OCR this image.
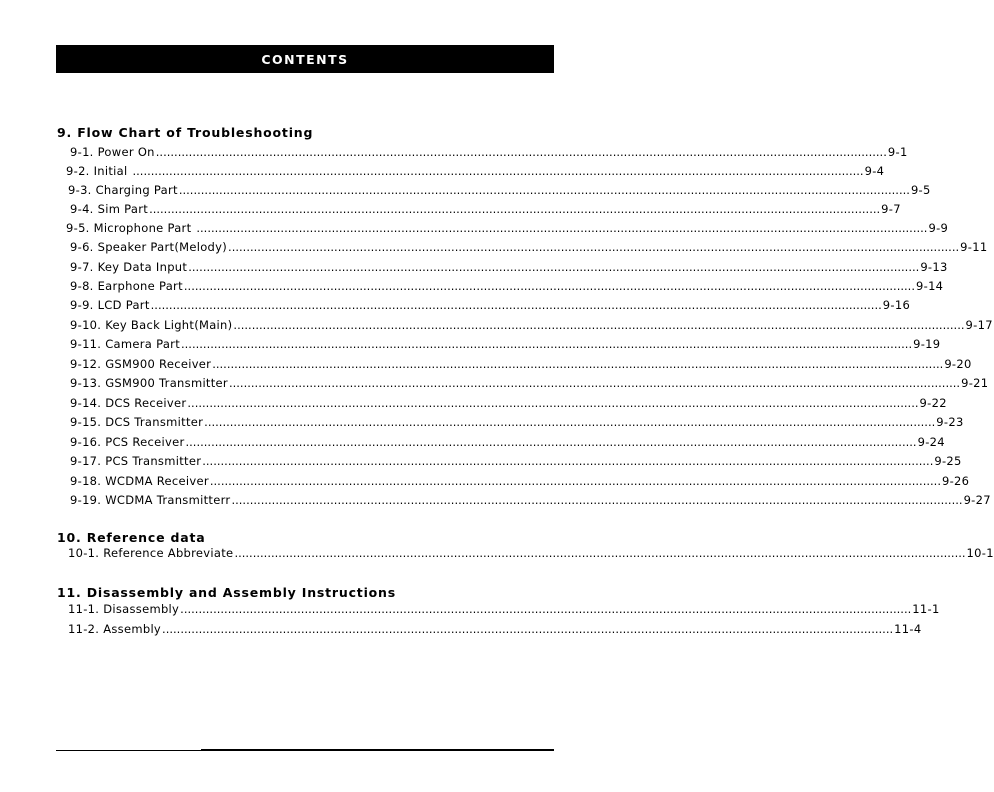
CONTENTS
9. Flow Chart of Troubleshooting
9-1. Power On ........................................................................................................................................................................................................ 9-1
9-2. Initial ........................................................................................................................................................................................................ 9-4
9-3. Charging Part ........................................................................................................................................................................................................ 9-5
9-4. Sim Part ........................................................................................................................................................................................................ 9-7
9-5. Microphone Part ........................................................................................................................................................................................................ 9-9
9-6. Speaker Part(Melody) ........................................................................................................................................................................................................ 9-11
9-7. Key Data Input ........................................................................................................................................................................................................ 9-13
9-8. Earphone Part ........................................................................................................................................................................................................ 9-14
9-9. LCD Part ........................................................................................................................................................................................................ 9-16
9-10. Key Back Light(Main) ........................................................................................................................................................................................................ 9-17
9-11. Camera Part ........................................................................................................................................................................................................ 9-19
9-12. GSM900 Receiver ........................................................................................................................................................................................................ 9-20
9-13. GSM900 Transmitter ........................................................................................................................................................................................................ 9-21
9-14. DCS Receiver ........................................................................................................................................................................................................ 9-22
9-15. DCS Transmitter ........................................................................................................................................................................................................ 9-23
9-16. PCS Receiver ........................................................................................................................................................................................................ 9-24
9-17. PCS Transmitter ........................................................................................................................................................................................................ 9-25
9-18. WCDMA Receiver ........................................................................................................................................................................................................ 9-26
9-19. WCDMA Transmitterr ........................................................................................................................................................................................................ 9-27
10. Reference data
10-1. Reference Abbreviate ........................................................................................................................................................................................................ 10-1
11. Disassembly and Assembly Instructions
11-1. Disassembly ........................................................................................................................................................................................................ 11-1
11-2. Assembly ........................................................................................................................................................................................................ 11-4
